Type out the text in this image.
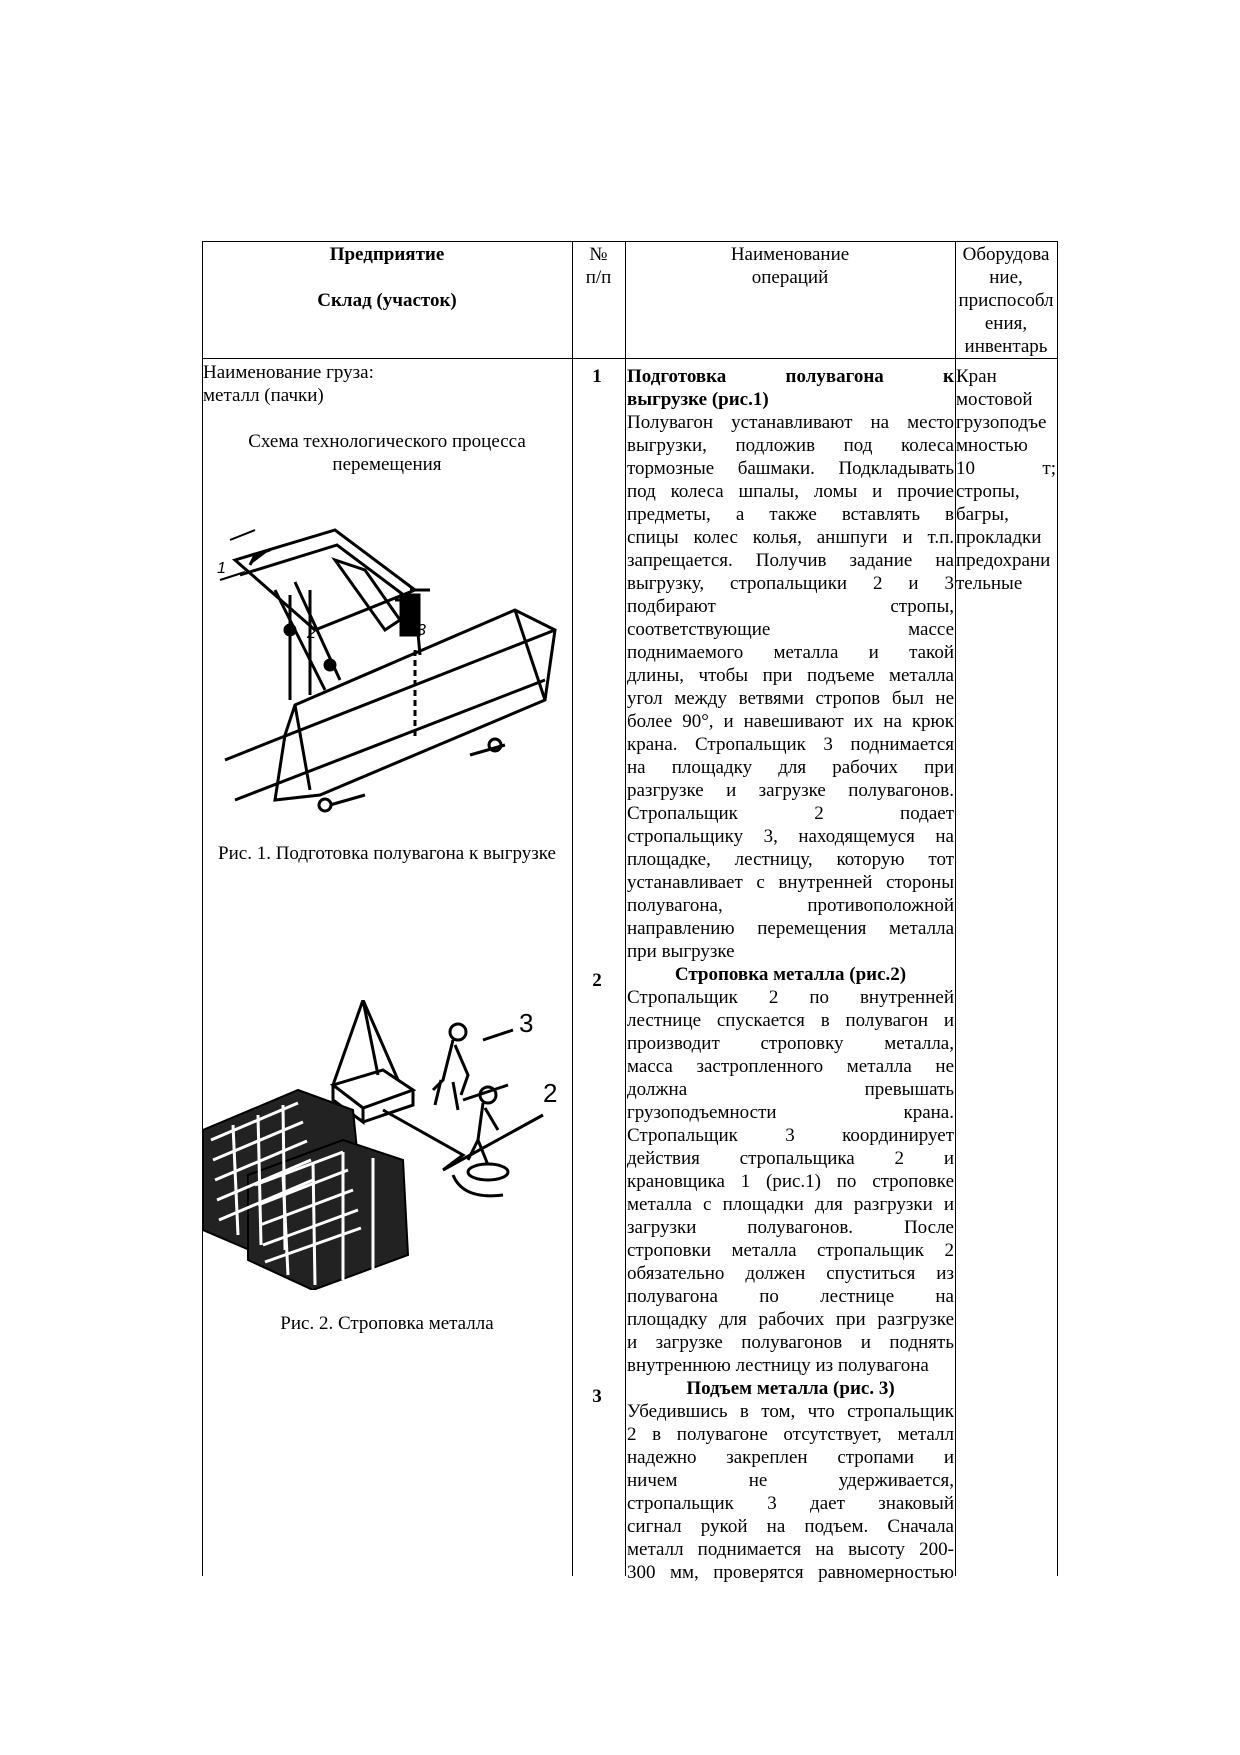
Предприятие
Склад (участок)
№
п/п
Наименование
операций
Оборудова
ние,
приспособл
ения,
инвентарь
Наименование груза:
металл (пачки)
Схема технологического процесса
перемещения
1
2	3
Рис. 1. Подготовка полувагона к выгрузке
3
2
Рис. 2. Строповка металла
1
2
3
Подготовка полувагона к
выгрузке (рис.1)
Полувагон устанавливают на место
выгрузки, подложив под колеса
тормозные башмаки. Подкладывать
под колеса шпалы, ломы и прочие
предметы, а также вставлять в
спицы колес колья, аншпуги и т.п.
запрещается. Получив задание на
выгрузку, стропальщики 2 и 3
подбирают стропы,
соответствующие массе
поднимаемого металла и такой
длины, чтобы при подъеме металла
угол между ветвями стропов был не
более 90°, и навешивают их на крюк
крана. Стропальщик 3 поднимается
на площадку для рабочих при
разгрузке и загрузке полувагонов.
Стропальщик 2 подает
стропальщику 3, находящемуся на
площадке, лестницу, которую тот
устанавливает с внутренней стороны
полувагона, противоположной
направлению перемещения металла
при выгрузке
Строповка металла (рис.2)
Стропальщик 2 по внутренней
лестнице спускается в полувагон и
производит строповку металла,
масса застропленного металла не
должна превышать
грузоподъемности крана.
Стропальщик 3 координирует
действия стропальщика 2 и
крановщика 1 (рис.1) по строповке
металла с площадки для разгрузки и
загрузки полувагонов. После
строповки металла стропальщик 2
обязательно должен спуститься из
полувагона по лестнице на
площадку для рабочих при разгрузке
и загрузке полувагонов и поднять
внутреннюю лестницу из полувагона
Подъем металла (рис. 3)
Убедившись в том, что стропальщик
2 в полувагоне отсутствует, металл
надежно закреплен стропами и
ничем не удерживается,
стропальщик 3 дает знаковый
сигнал рукой на подъем. Сначала
металл поднимается на высоту 200-
300 мм, проверятся равномерностью
Кран
мостовой
грузоподъе
мностью
10 т;
стропы,
багры,
прокладки
предохрани
тельные
